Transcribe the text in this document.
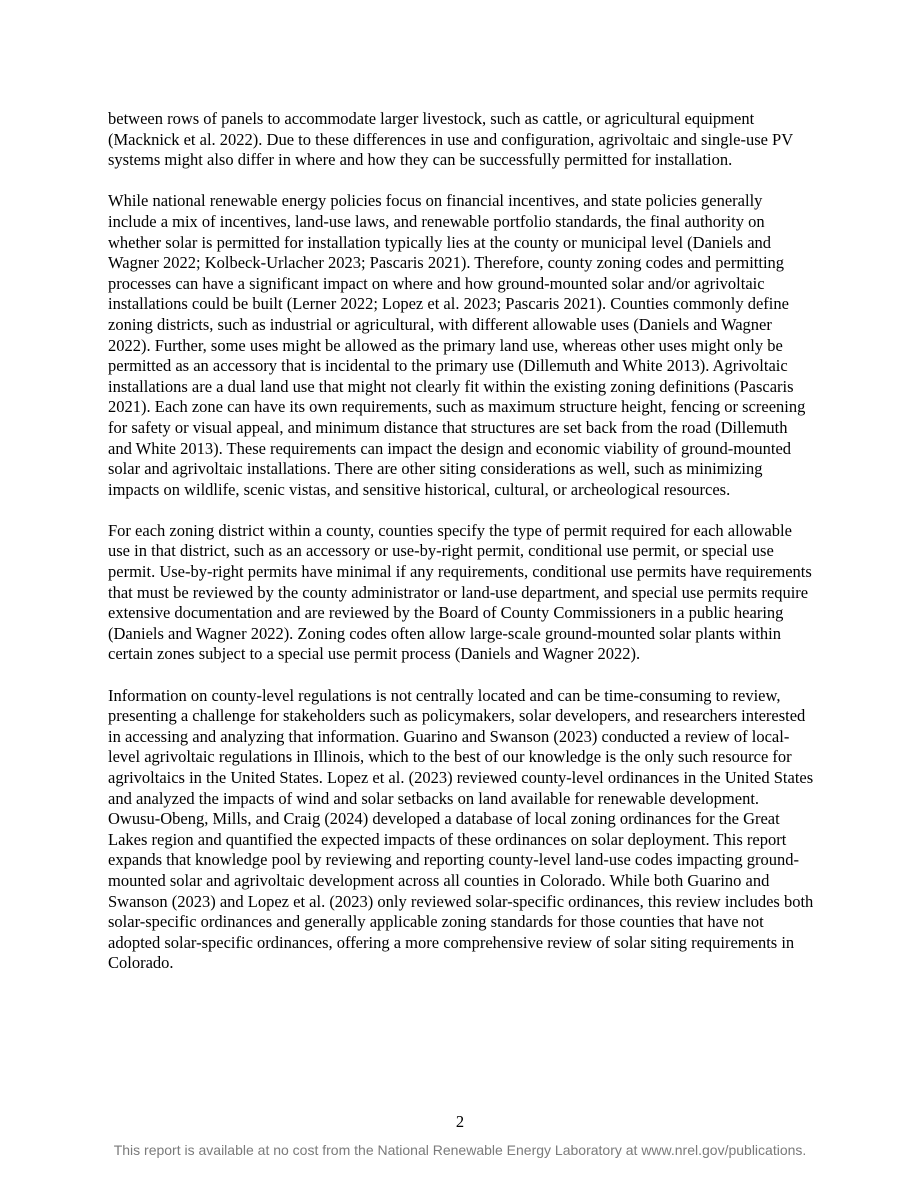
between rows of panels to accommodate larger livestock, such as cattle, or agricultural equipment (Macknick et al. 2022). Due to these differences in use and configuration, agrivoltaic and single-use PV systems might also differ in where and how they can be successfully permitted for installation.

While national renewable energy policies focus on financial incentives, and state policies generally include a mix of incentives, land-use laws, and renewable portfolio standards, the final authority on whether solar is permitted for installation typically lies at the county or municipal level (Daniels and Wagner 2022; Kolbeck-Urlacher 2023; Pascaris 2021). Therefore, county zoning codes and permitting processes can have a significant impact on where and how ground-mounted solar and/or agrivoltaic installations could be built (Lerner 2022; Lopez et al. 2023; Pascaris 2021). Counties commonly define zoning districts, such as industrial or agricultural, with different allowable uses (Daniels and Wagner 2022). Further, some uses might be allowed as the primary land use, whereas other uses might only be permitted as an accessory that is incidental to the primary use (Dillemuth and White 2013). Agrivoltaic installations are a dual land use that might not clearly fit within the existing zoning definitions (Pascaris 2021). Each zone can have its own requirements, such as maximum structure height, fencing or screening for safety or visual appeal, and minimum distance that structures are set back from the road (Dillemuth and White 2013). These requirements can impact the design and economic viability of ground-mounted solar and agrivoltaic installations. There are other siting considerations as well, such as minimizing impacts on wildlife, scenic vistas, and sensitive historical, cultural, or archeological resources.

For each zoning district within a county, counties specify the type of permit required for each allowable use in that district, such as an accessory or use-by-right permit, conditional use permit, or special use permit. Use-by-right permits have minimal if any requirements, conditional use permits have requirements that must be reviewed by the county administrator or land-use department, and special use permits require extensive documentation and are reviewed by the Board of County Commissioners in a public hearing (Daniels and Wagner 2022). Zoning codes often allow large-scale ground-mounted solar plants within certain zones subject to a special use permit process (Daniels and Wagner 2022).

Information on county-level regulations is not centrally located and can be time-consuming to review, presenting a challenge for stakeholders such as policymakers, solar developers, and researchers interested in accessing and analyzing that information. Guarino and Swanson (2023) conducted a review of local-level agrivoltaic regulations in Illinois, which to the best of our knowledge is the only such resource for agrivoltaics in the United States. Lopez et al. (2023) reviewed county-level ordinances in the United States and analyzed the impacts of wind and solar setbacks on land available for renewable development. Owusu-Obeng, Mills, and Craig (2024) developed a database of local zoning ordinances for the Great Lakes region and quantified the expected impacts of these ordinances on solar deployment. This report expands that knowledge pool by reviewing and reporting county-level land-use codes impacting ground-mounted solar and agrivoltaic development across all counties in Colorado. While both Guarino and Swanson (2023) and Lopez et al. (2023) only reviewed solar-specific ordinances, this review includes both solar-specific ordinances and generally applicable zoning standards for those counties that have not adopted solar-specific ordinances, offering a more comprehensive review of solar siting requirements in Colorado.

2
This report is available at no cost from the National Renewable Energy Laboratory at www.nrel.gov/publications.
